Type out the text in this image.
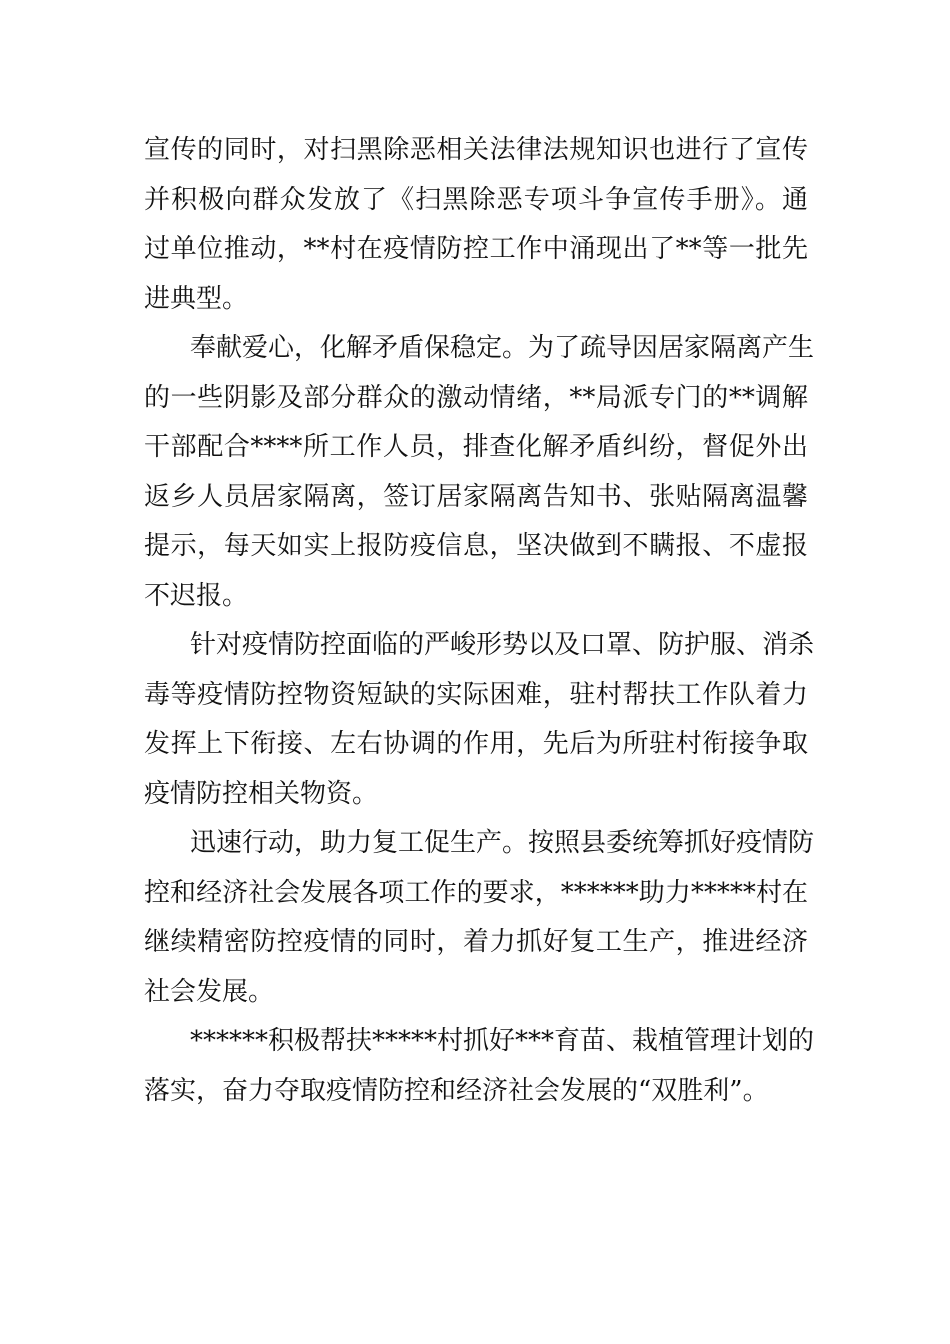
宣传的同时，对扫黑除恶相关法律法规知识也进行了宣传
并积极向群众发放了《扫黑除恶专项斗争宣传手册》。通
过单位推动，**村在疫情防控工作中涌现出了**等一批先
进典型。
奉献爱心，化解矛盾保稳定。为了疏导因居家隔离产生
的一些阴影及部分群众的激动情绪，**局派专门的**调解
干部配合****所工作人员，排查化解矛盾纠纷，督促外出
返乡人员居家隔离，签订居家隔离告知书、张贴隔离温馨
提示，每天如实上报防疫信息，坚决做到不瞒报、不虚报
不迟报。
针对疫情防控面临的严峻形势以及口罩、防护服、消杀
毒等疫情防控物资短缺的实际困难，驻村帮扶工作队着力
发挥上下衔接、左右协调的作用，先后为所驻村衔接争取
疫情防控相关物资。
迅速行动，助力复工促生产。按照县委统筹抓好疫情防
控和经济社会发展各项工作的要求，******助力*****村在
继续精密防控疫情的同时，着力抓好复工生产，推进经济
社会发展。
******积极帮扶*****村抓好***育苗、栽植管理计划的
落实，奋力夺取疫情防控和经济社会发展的“双胜利”。
